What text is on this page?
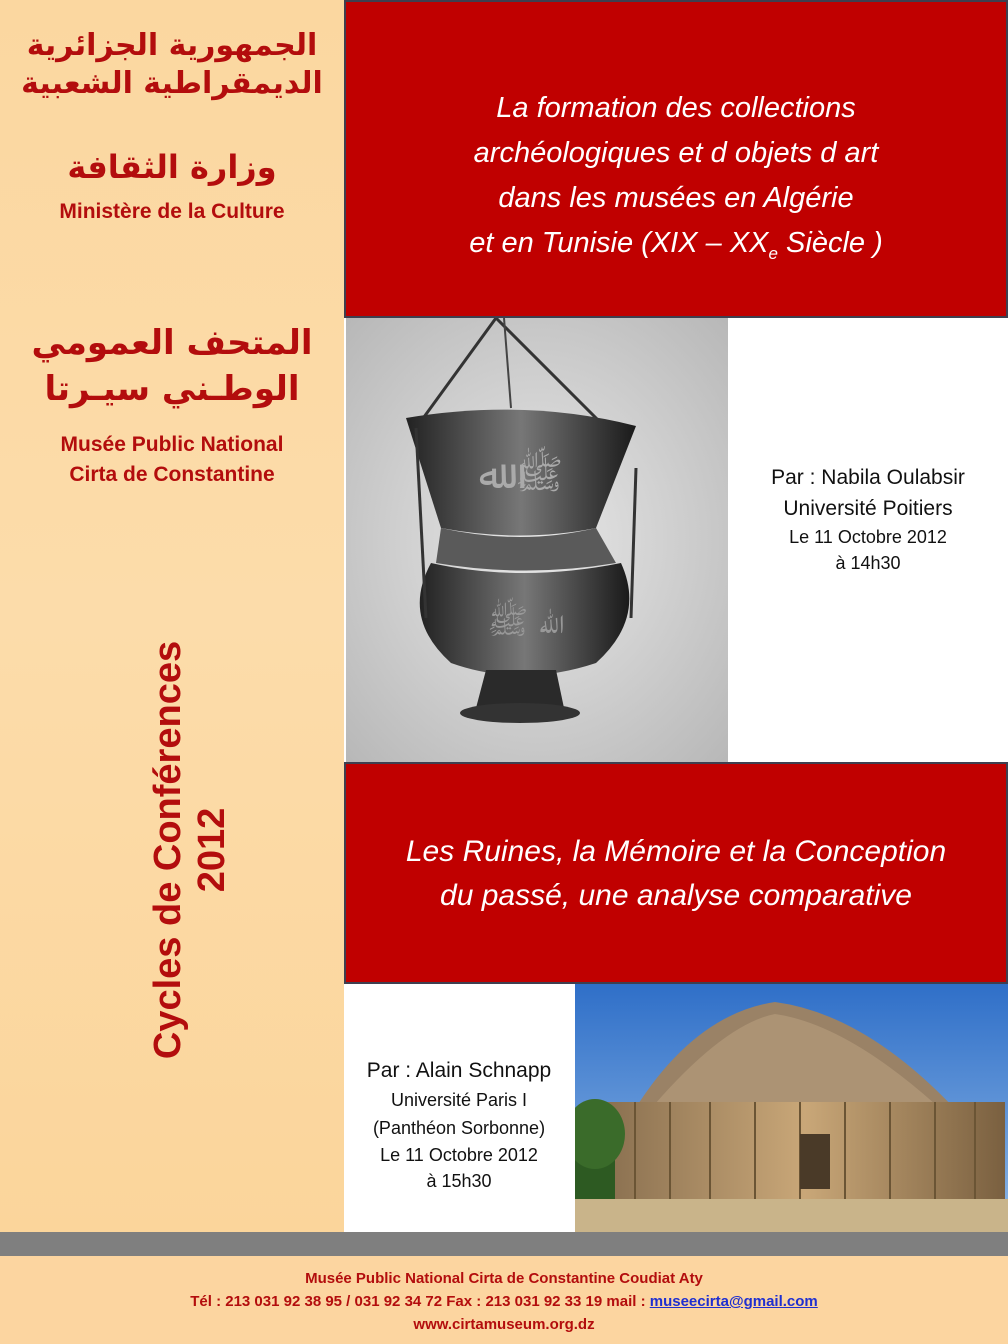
الجمهورية الجزائرية
الديمقراطية الشعبية
وزارة الثقافة
Ministère de la Culture
المتحف العمومي
الوطـني سيـرتا
Musée Public National
Cirta de Constantine
Cycles de Conférences 2012
La formation des collections
archéologiques et d objets d art
dans les musées en Algérie
et en Tunisie ($XIX - XX_e$ Siècle )
ﷺ ﷲ
ﷲ ﷺ
Par : Nabila Oulabsir
Université Poitiers
Le 11 Octobre 2012
à 14h30
Les Ruines, la Mémoire et la Conception
du passé, une analyse comparative
Par : Alain Schnapp
Université Paris I
(Panthéon Sorbonne)
Le 11 Octobre 2012
à 15h30
Musée Public National Cirta de Constantine Coudiat Aty
Tél : 213 031 92 38 95 / 031 92 34 72 Fax : 213 031 92 33 19 mail : museecirta@gmail.com
www.cirtamuseum.org.dz
